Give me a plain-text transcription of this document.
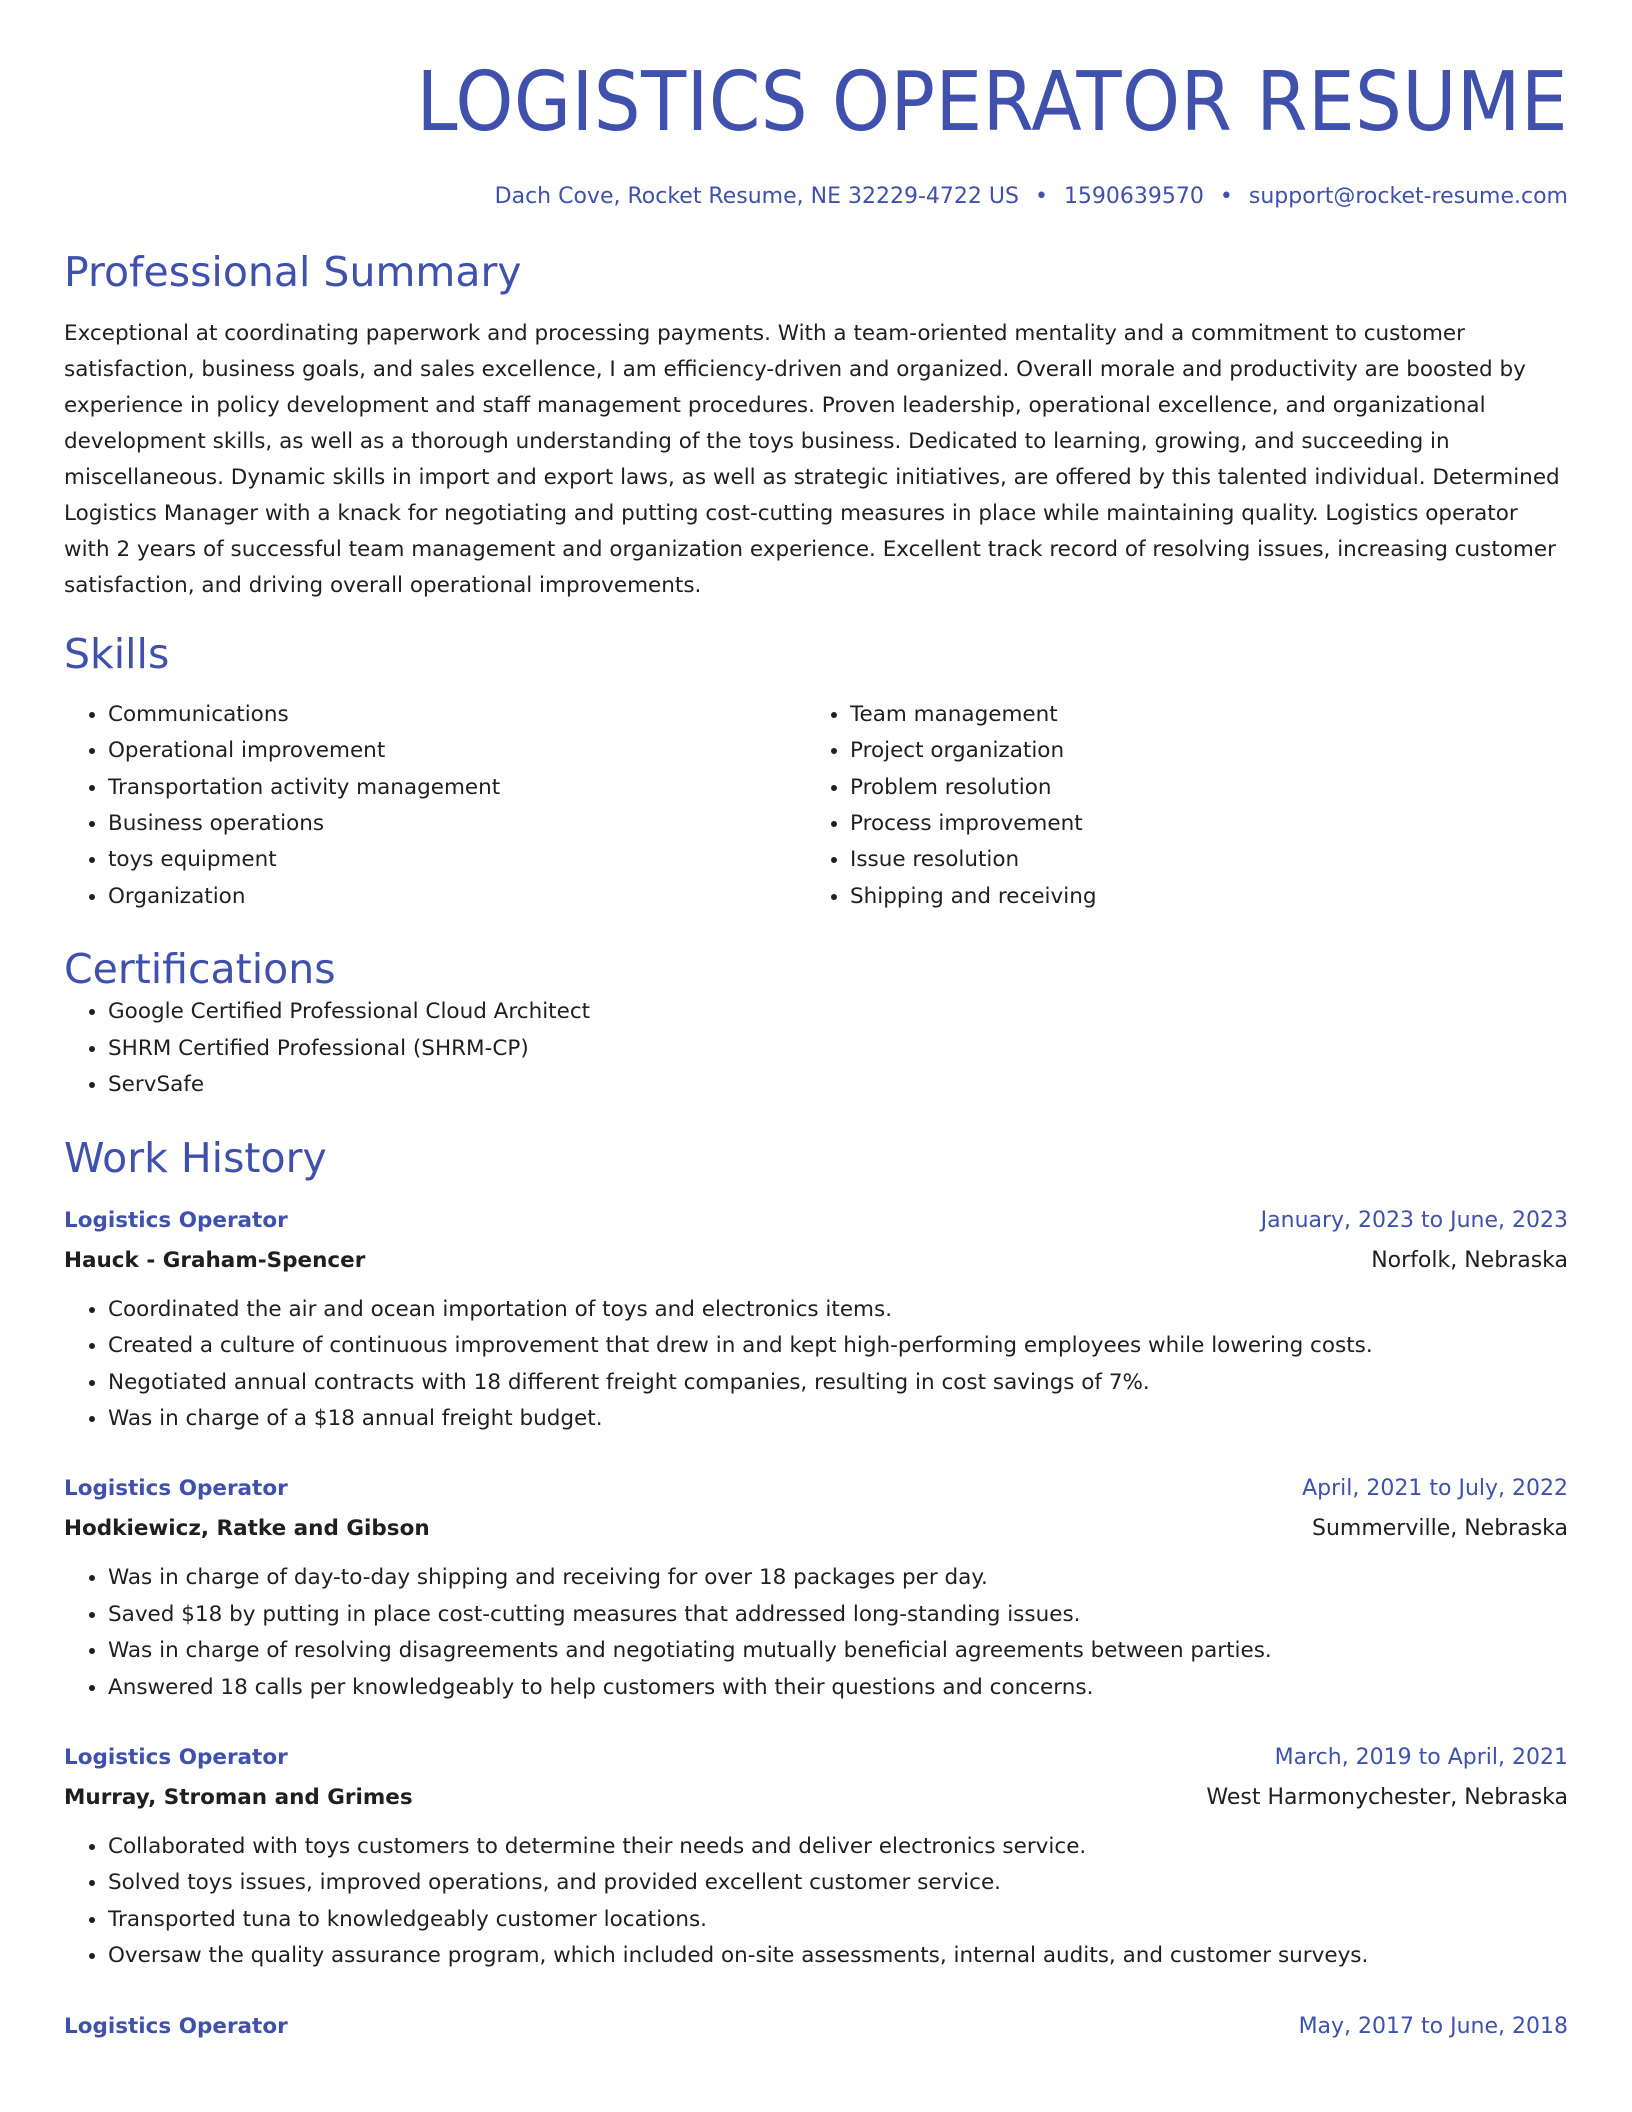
LOGISTICS OPERATOR RESUME
Dach Cove, Rocket Resume, NE 32229-4722 US • 1590639570 • support@rocket-resume.com
Professional Summary

Exceptional at coordinating paperwork and processing payments. With a team-oriented mentality and a commitment to customer satisfaction, business goals, and sales excellence, I am efficiency-driven and organized. Overall morale and productivity are boosted by experience in policy development and staff management procedures. Proven leadership, operational excellence, and organizational development skills, as well as a thorough understanding of the toys business. Dedicated to learning, growing, and succeeding in miscellaneous. Dynamic skills in import and export laws, as well as strategic initiatives, are offered by this talented individual. Determined Logistics Manager with a knack for negotiating and putting cost-cutting measures in place while maintaining quality. Logistics operator with 2 years of successful team management and organization experience. Excellent track record of resolving issues, increasing customer satisfaction, and driving overall operational improvements.

Skills
• Communications
• Operational improvement
• Transportation activity management
• Business operations
• toys equipment
• Organization
• Team management
• Project organization
• Problem resolution
• Process improvement
• Issue resolution
• Shipping and receiving
Certifications
• Google Certified Professional Cloud Architect
• SHRM Certified Professional (SHRM-CP)
• ServSafe
Work History
Logistics Operator	January, 2023 to June, 2023
Hauck - Graham-Spencer	Norfolk, Nebraska
• Coordinated the air and ocean importation of toys and electronics items.
• Created a culture of continuous improvement that drew in and kept high-performing employees while lowering costs.
• Negotiated annual contracts with 18 different freight companies, resulting in cost savings of 7%.
• Was in charge of a $18 annual freight budget.
Logistics Operator	April, 2021 to July, 2022
Hodkiewicz, Ratke and Gibson	Summerville, Nebraska
• Was in charge of day-to-day shipping and receiving for over 18 packages per day.
• Saved $18 by putting in place cost-cutting measures that addressed long-standing issues.
• Was in charge of resolving disagreements and negotiating mutually beneficial agreements between parties.
• Answered 18 calls per knowledgeably to help customers with their questions and concerns.
Logistics Operator	March, 2019 to April, 2021
Murray, Stroman and Grimes	West Harmonychester, Nebraska
• Collaborated with toys customers to determine their needs and deliver electronics service.
• Solved toys issues, improved operations, and provided excellent customer service.
• Transported tuna to knowledgeably customer locations.
• Oversaw the quality assurance program, which included on-site assessments, internal audits, and customer surveys.
Logistics Operator	May, 2017 to June, 2018
